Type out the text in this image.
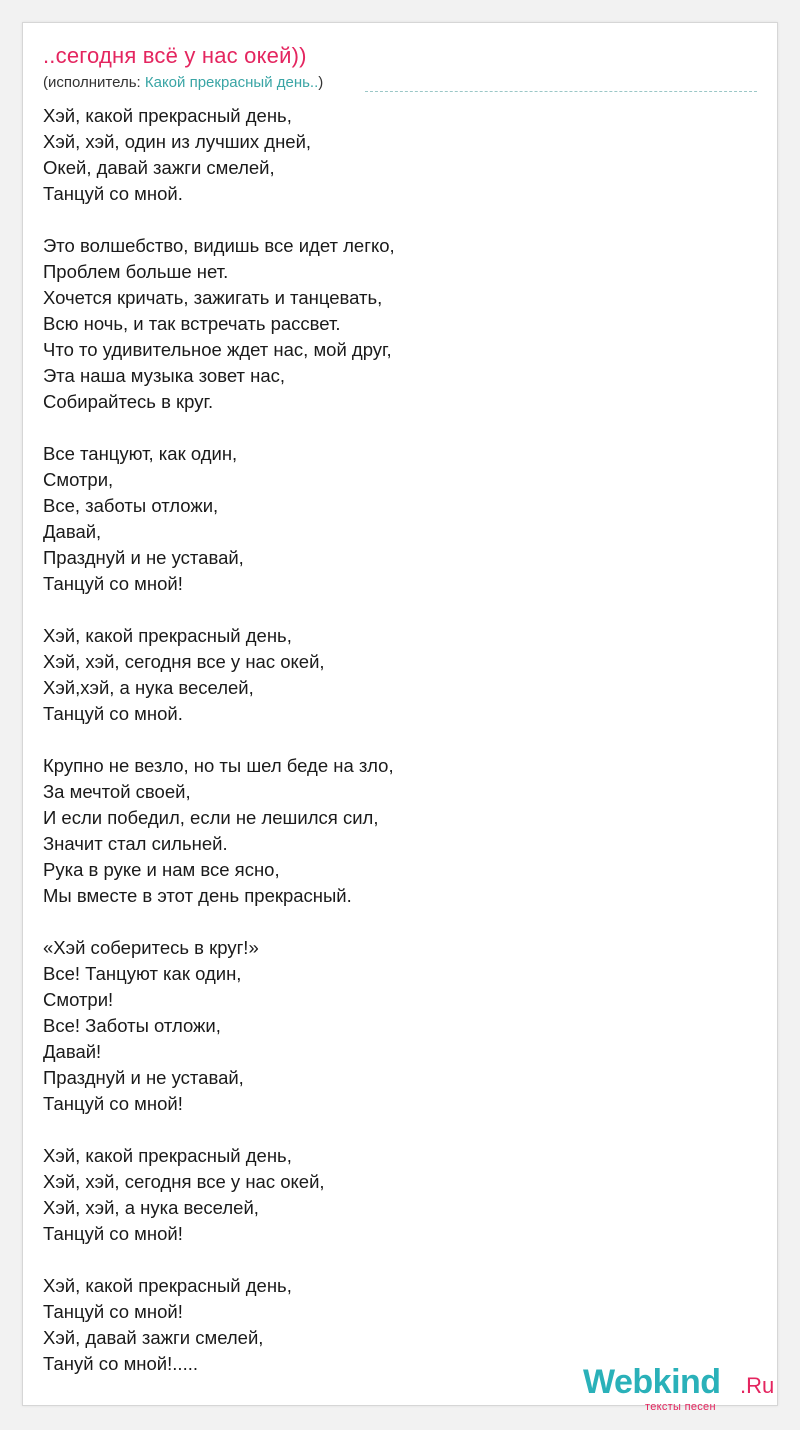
..сегодня всё у нас окей))
(исполнитель: Какой прекрасный день..)
Хэй, какой прекрасный день,
Хэй, хэй, один из лучших дней,
Окей, давай зажги смелей,
Танцуй со мной.
Это волшебство, видишь все идет легко,
Проблем больше нет.
Хочется кричать, зажигать и танцевать,
Всю ночь, и так встречать рассвет.
Что то удивительное ждет нас, мой друг,
Эта наша музыка зовет нас,
Собирайтесь в круг.
Все танцуют, как один,
Смотри,
Все, заботы отложи,
Давай,
Празднуй и не уставай,
Танцуй со мной!
Хэй, какой прекрасный день,
Хэй, хэй, сегодня все у нас окей,
Хэй,хэй, а нука веселей,
Танцуй со мной.
Крупно не везло, но ты шел беде на зло,
За мечтой своей,
И если победил, если не лешился сил,
Значит стал сильней.
Рука в руке и нам все ясно,
Мы вместе в этот день прекрасный.
«Хэй соберитесь в круг!»
Все! Танцуют как один,
Смотри!
Все! Заботы отложи,
Давай!
Празднуй и не уставай,
Танцуй со мной!
Хэй, какой прекрасный день,
Хэй, хэй, сегодня все у нас окей,
Хэй, хэй, а нука веселей,
Танцуй со мной!
Хэй, какой прекрасный день,
Танцуй со мной!
Хэй, давай зажги смелей,
Тануй со мной!.....	Webkind .Ru
тексты песен
